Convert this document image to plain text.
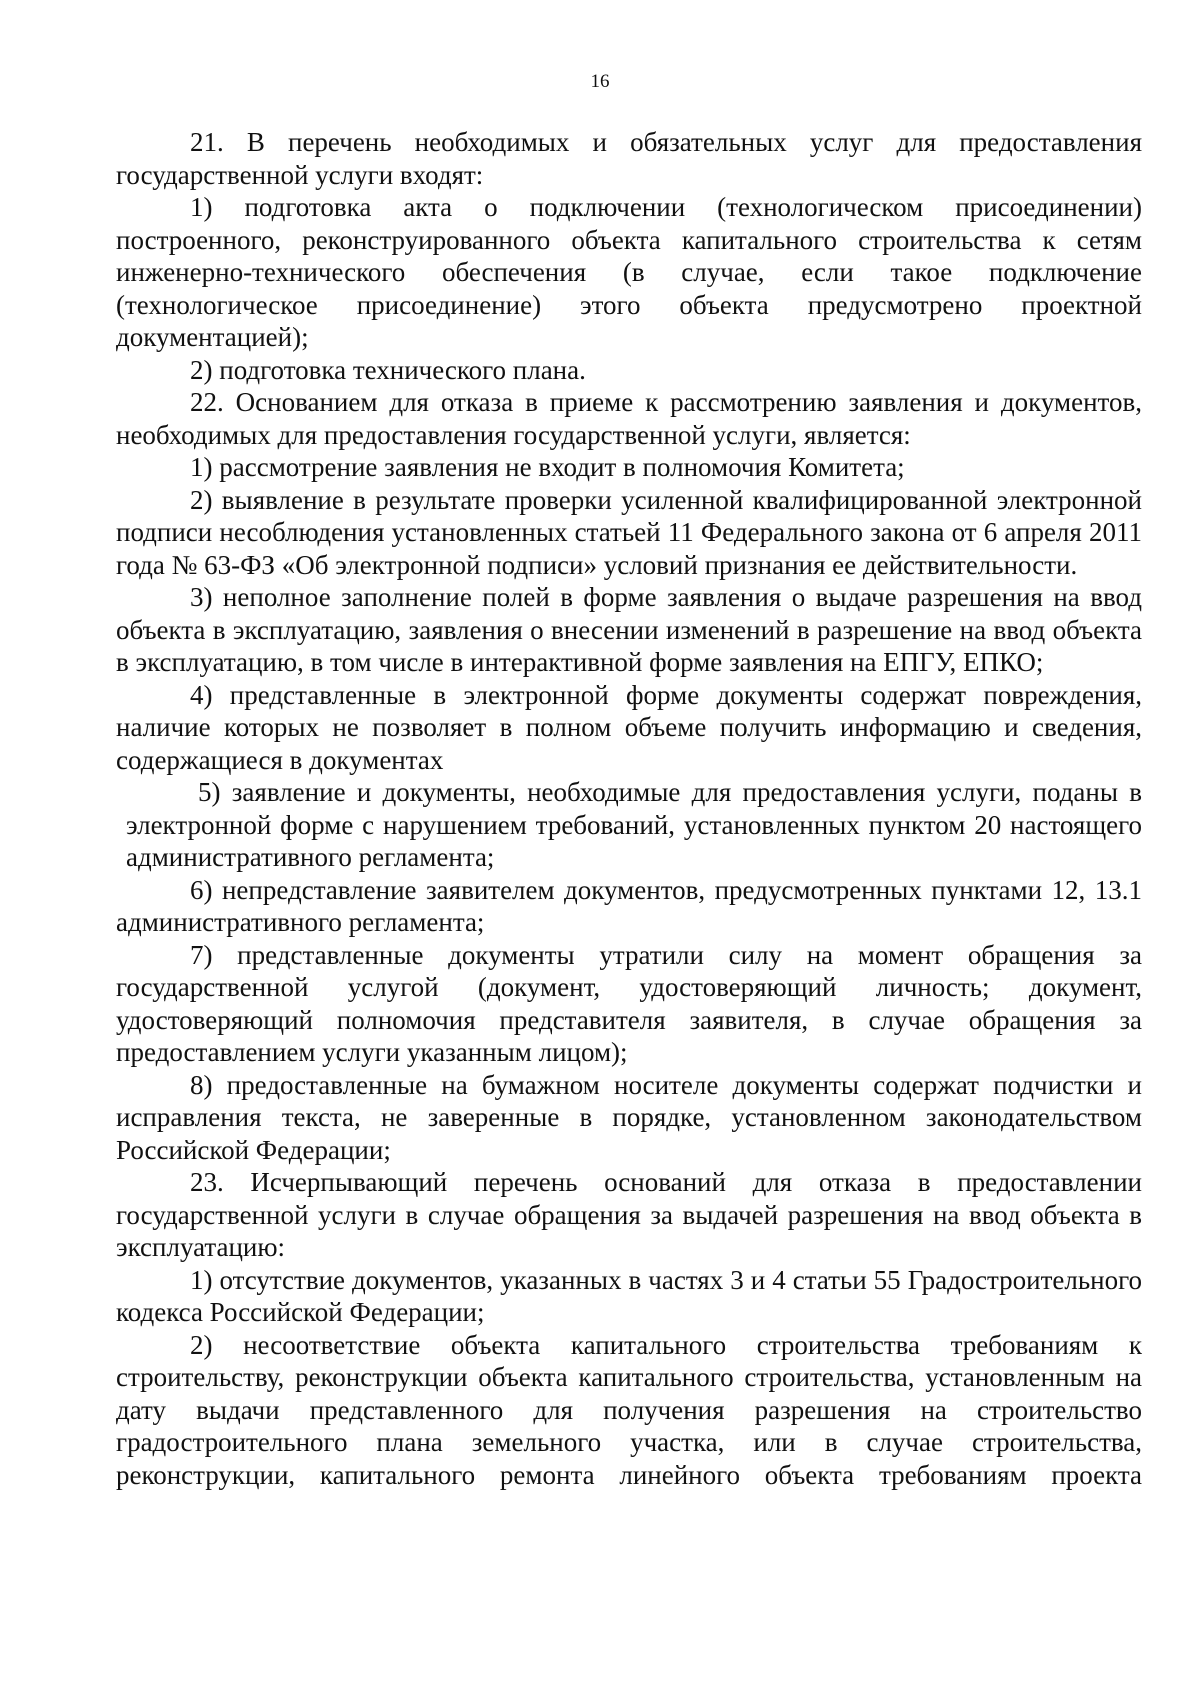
16

21. В перечень необходимых и обязательных услуг для предоставления государственной услуги входят:

1) подготовка акта о подключении (технологическом присоединении) построенного, реконструированного объекта капитального строительства к сетям инженерно-технического обеспечения (в случае, если такое подключение (технологическое присоединение) этого объекта предусмотрено проектной документацией);

2) подготовка технического плана.

22. Основанием для отказа в приеме к рассмотрению заявления и документов, необходимых для предоставления государственной услуги, является:

1) рассмотрение заявления не входит в полномочия Комитета;

2) выявление в результате проверки усиленной квалифицированной электронной подписи несоблюдения установленных статьей 11 Федерального закона от 6 апреля 2011 года № 63-ФЗ «Об электронной подписи» условий признания ее действительности.

3) неполное заполнение полей в форме заявления о выдаче разрешения на ввод объекта в эксплуатацию, заявления о внесении изменений в разрешение на ввод объекта в эксплуатацию, в том числе в интерактивной форме заявления на ЕПГУ, ЕПКО;

4) представленные в электронной форме документы содержат повреждения, наличие которых не позволяет в полном объеме получить информацию и сведения, содержащиеся в документах

5) заявление и документы, необходимые для предоставления услуги, поданы в электронной форме с нарушением требований, установленных пунктом 20 настоящего административного регламента;

6) непредставление заявителем документов, предусмотренных пунктами 12, 13.1 административного регламента;

7) представленные документы утратили силу на момент обращения за государственной услугой (документ, удостоверяющий личность; документ, удостоверяющий полномочия представителя заявителя, в случае обращения за предоставлением услуги указанным лицом);

8) предоставленные на бумажном носителе документы содержат подчистки и исправления текста, не заверенные в порядке, установленном законодательством Российской Федерации;

23. Исчерпывающий перечень оснований для отказа в предоставлении государственной услуги в случае обращения за выдачей разрешения на ввод объекта в эксплуатацию:

1) отсутствие документов, указанных в частях 3 и 4 статьи 55 Градостроительного кодекса Российской Федерации;

2) несоответствие объекта капитального строительства требованиям к строительству, реконструкции объекта капитального строительства, установленным на дату выдачи представленного для получения разрешения на строительство градостроительного плана земельного участка, или в случае строительства, реконструкции, капитального ремонта линейного объекта требованиям проекта
